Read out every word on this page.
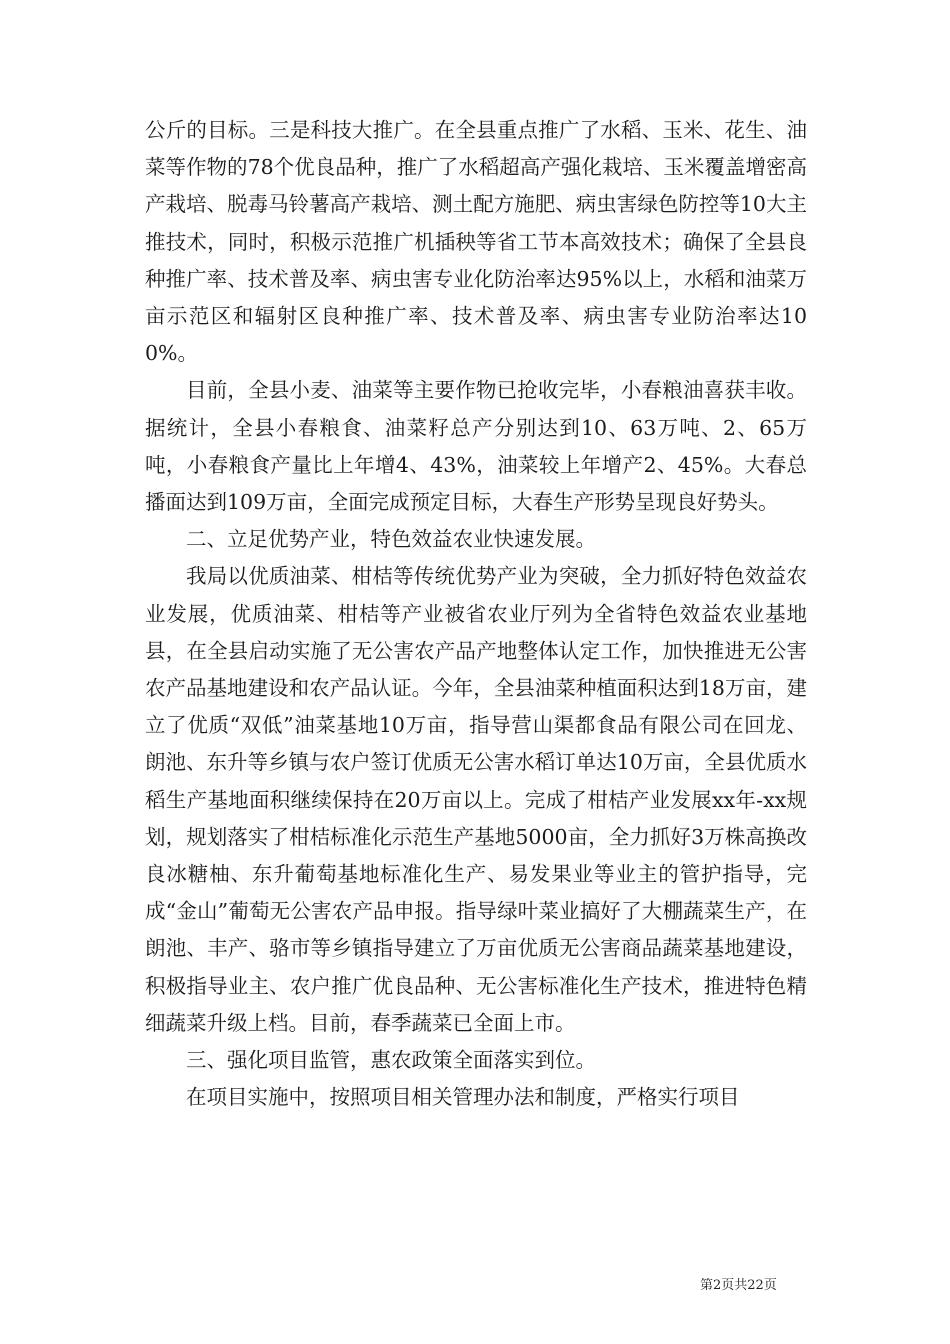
公斤的目标。三是科技大推广。在全县重点推广了水稻、玉米、花生、油菜等作物的78个优良品种，推广了水稻超高产强化栽培、玉米覆盖增密高产栽培、脱毒马铃薯高产栽培、测土配方施肥、病虫害绿色防控等10大主推技术，同时，积极示范推广机插秧等省工节本高效技术；确保了全县良种推广率、技术普及率、病虫害专业化防治率达95%以上，水稻和油菜万亩示范区和辐射区良种推广率、技术普及率、病虫害专业防治率达100%。

目前，全县小麦、油菜等主要作物已抢收完毕，小春粮油喜获丰收。据统计，全县小春粮食、油菜籽总产分别达到10、63万吨、2、65万吨，小春粮食产量比上年增4、43%，油菜较上年增产2、45%。大春总播面达到109万亩，全面完成预定目标，大春生产形势呈现良好势头。

二、立足优势产业，特色效益农业快速发展。

我局以优质油菜、柑桔等传统优势产业为突破，全力抓好特色效益农业发展，优质油菜、柑桔等产业被省农业厅列为全省特色效益农业基地县，在全县启动实施了无公害农产品产地整体认定工作，加快推进无公害农产品基地建设和农产品认证。今年，全县油菜种植面积达到18万亩，建立了优质“双低”油菜基地10万亩，指导营山渠都食品有限公司在回龙、朗池、东升等乡镇与农户签订优质无公害水稻订单达10万亩，全县优质水稻生产基地面积继续保持在20万亩以上。完成了柑桔产业发展xx年-xx规划，规划落实了柑桔标准化示范生产基地5000亩，全力抓好3万株高换改良冰糖柚、东升葡萄基地标准化生产、易发果业等业主的管护指导，完成“金山”葡萄无公害农产品申报。指导绿叶菜业搞好了大棚蔬菜生产，在朗池、丰产、骆市等乡镇指导建立了万亩优质无公害商品蔬菜基地建设，积极指导业主、农户推广优良品种、无公害标准化生产技术，推进特色精细蔬菜升级上档。目前，春季蔬菜已全面上市。

三、强化项目监管，惠农政策全面落实到位。

在项目实施中，按照项目相关管理办法和制度，严格实行项目

第2页共22页
